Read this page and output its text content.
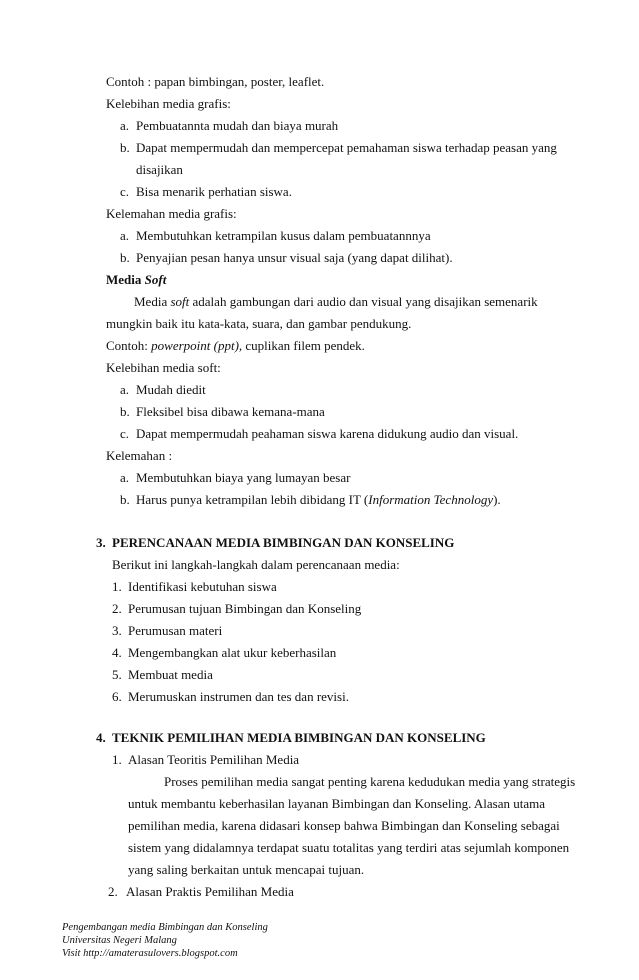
Contoh : papan bimbingan, poster, leaflet.
Kelebihan media grafis:
a. Pembuatannta mudah dan biaya murah
b. Dapat mempermudah dan mempercepat pemahaman siswa terhadap peasan yang
disajikan
c. Bisa menarik perhatian siswa.
Kelemahan media grafis:
a. Membutuhkan ketrampilan kusus dalam pembuatannnya
b. Penyajian pesan hanya unsur visual saja (yang dapat dilihat).
Media Soft
Media soft adalah gambungan dari audio dan visual yang disajikan semenarik
mungkin baik itu kata-kata, suara, dan gambar pendukung.
Contoh: powerpoint (ppt), cuplikan filem pendek.
Kelebihan media soft:
a. Mudah diedit
b. Fleksibel bisa dibawa kemana-mana
c. Dapat mempermudah peahaman siswa karena didukung audio dan visual.
Kelemahan :
a. Membutuhkan biaya yang lumayan besar
b. Harus punya ketrampilan lebih dibidang IT (Information Technology).
3. PERENCANAAN MEDIA BIMBINGAN DAN KONSELING
Berikut ini langkah-langkah dalam perencanaan media:
1. Identifikasi kebutuhan siswa
2. Perumusan tujuan Bimbingan dan Konseling
3. Perumusan materi
4. Mengembangkan alat ukur keberhasilan
5. Membuat media
6. Merumuskan instrumen dan tes dan revisi.
4. TEKNIK PEMILIHAN MEDIA BIMBINGAN DAN KONSELING
1. Alasan Teoritis Pemilihan Media
Proses pemilihan media sangat penting karena kedudukan media yang strategis
untuk membantu keberhasilan layanan Bimbingan dan Konseling. Alasan utama
pemilihan media, karena didasari konsep bahwa Bimbingan dan Konseling sebagai
sistem yang didalamnya terdapat suatu totalitas yang terdiri atas sejumlah komponen
yang saling berkaitan untuk mencapai tujuan.
2. Alasan Praktis Pemilihan Media
Pengembangan media Bimbingan dan Konseling
Universitas Negeri Malang
Visit http://amaterasulovers.blogspot.com
